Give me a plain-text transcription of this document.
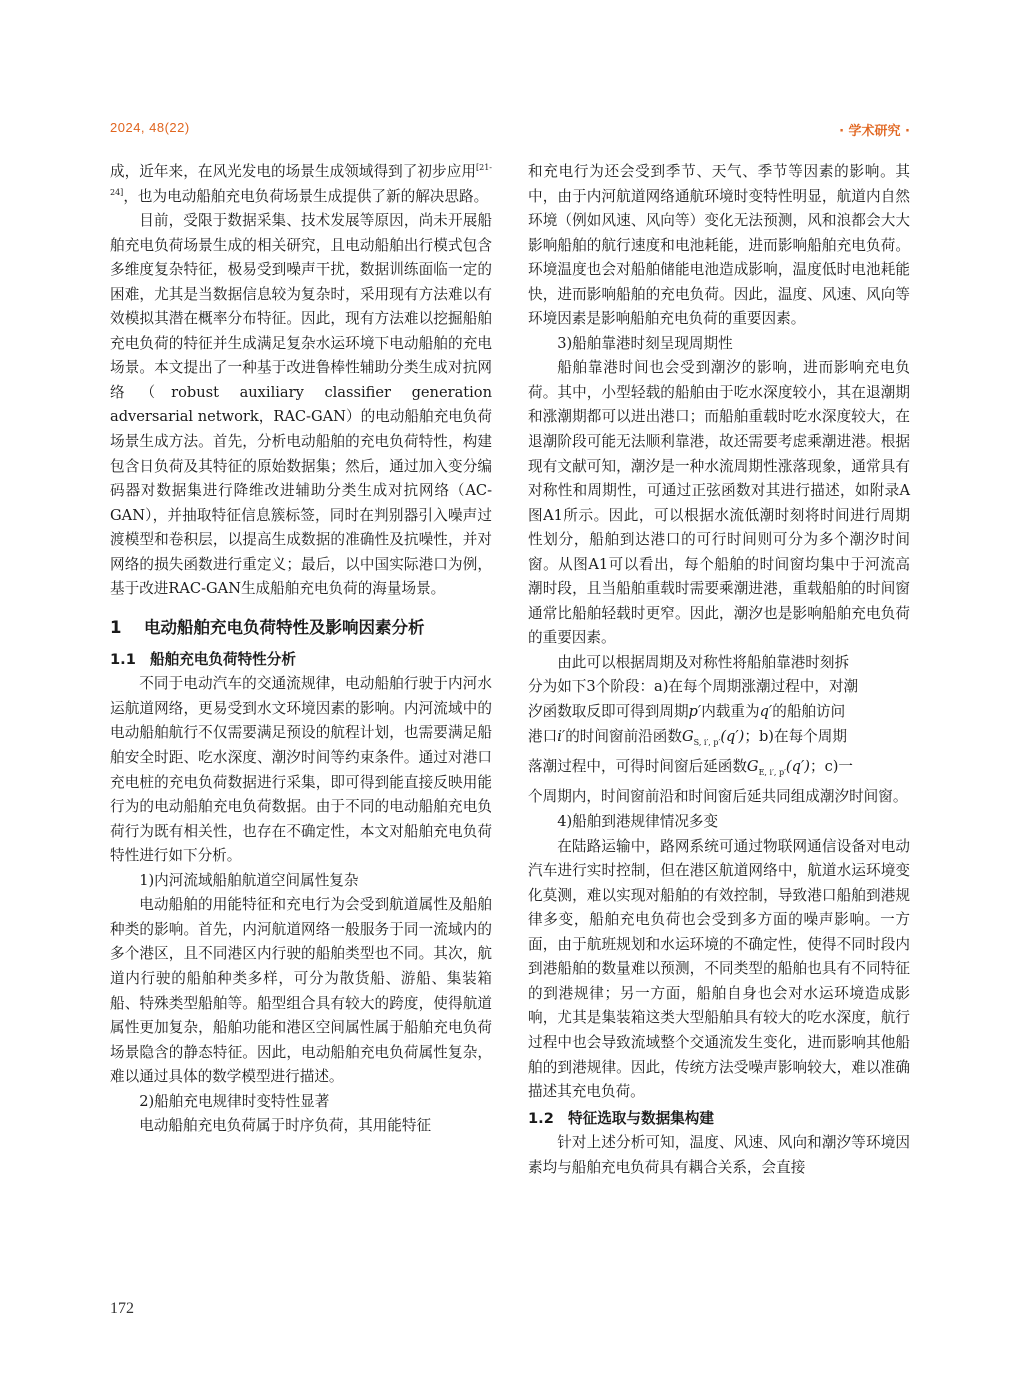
2024, 48(22)	· 学术研究 ·

成，近年来，在风光发电的场景生成领域得到了初步应用[21-24]，也为电动船舶充电负荷场景生成提供了新的解决思路。

目前，受限于数据采集、技术发展等原因，尚未开展船舶充电负荷场景生成的相关研究，且电动船舶出行模式包含多维度复杂特征，极易受到噪声干扰，数据训练面临一定的困难，尤其是当数据信息较为复杂时，采用现有方法难以有效模拟其潜在概率分布特征。因此，现有方法难以挖掘船舶充电负荷的特征并生成满足复杂水运环境下电动船舶的充电场景。本文提出了一种基于改进鲁棒性辅助分类生成对抗网络（robust auxiliary classifier generation adversarial network，RAC-GAN）的电动船舶充电负荷场景生成方法。首先，分析电动船舶的充电负荷特性，构建包含日负荷及其特征的原始数据集；然后，通过加入变分编码器对数据集进行降维改进辅助分类生成对抗网络（AC-GAN），并抽取特征信息簇标签，同时在判别器引入噪声过渡模型和卷积层，以提高生成数据的准确性及抗噪性，并对网络的损失函数进行重定义；最后，以中国实际港口为例，基于改进RAC-GAN生成船舶充电负荷的海量场景。

1 电动船舶充电负荷特性及影响因素分析
1.1 船舶充电负荷特性分析

不同于电动汽车的交通流规律，电动船舶行驶于内河水运航道网络，更易受到水文环境因素的影响。内河流域中的电动船舶航行不仅需要满足预设的航程计划，也需要满足船舶安全时距、吃水深度、潮汐时间等约束条件。通过对港口充电桩的充电负荷数据进行采集，即可得到能直接反映用能行为的电动船舶充电负荷数据。由于不同的电动船舶充电负荷行为既有相关性，也存在不确定性，本文对船舶充电负荷特性进行如下分析。

1)内河流域船舶航道空间属性复杂

电动船舶的用能特征和充电行为会受到航道属性及船舶种类的影响。首先，内河航道网络一般服务于同一流域内的多个港区，且不同港区内行驶的船舶类型也不同。其次，航道内行驶的船舶种类多样，可分为散货船、游船、集装箱船、特殊类型船舶等。船型组合具有较大的跨度，使得航道属性更加复杂，船舶功能和港区空间属性属于船舶充电负荷场景隐含的静态特征。因此，电动船舶充电负荷属性复杂，难以通过具体的数学模型进行描述。

2)船舶充电规律时变特性显著

电动船舶充电负荷属于时序负荷，其用能特征

和充电行为还会受到季节、天气、季节等因素的影响。其中，由于内河航道网络通航环境时变特性明显，航道内自然环境（例如风速、风向等）变化无法预测，风和浪都会大大影响船舶的航行速度和电池耗能，进而影响船舶充电负荷。环境温度也会对船舶储能电池造成影响，温度低时电池耗能快，进而影响船舶的充电负荷。因此，温度、风速、风向等环境因素是影响船舶充电负荷的重要因素。

3)船舶靠港时刻呈现周期性

船舶靠港时间也会受到潮汐的影响，进而影响充电负荷。其中，小型轻载的船舶由于吃水深度较小，其在退潮期和涨潮期都可以进出港口；而船舶重载时吃水深度较大，在退潮阶段可能无法顺利靠港，故还需要考虑乘潮进港。根据现有文献可知，潮汐是一种水流周期性涨落现象，通常具有对称性和周期性，可通过正弦函数对其进行描述，如附录A图A1所示。因此，可以根据水流低潮时刻将时间进行周期性划分，船舶到达港口的可行时间则可分为多个潮汐时间窗。从图A1可以看出，每个船舶的时间窗均集中于河流高潮时段，且当船舶重载时需要乘潮进港，重载船舶的时间窗通常比船舶轻载时更窄。因此，潮汐也是影响船舶充电负荷的重要因素。

由此可以根据周期及对称性将船舶靠港时刻拆

分为如下3个阶段：a)在每个周期涨潮过程中，对潮

汐函数取反即可得到周期p′内载重为q′的船舶访问

港口i′的时间窗前沿函数$G_{S, i', p'}(q')$；b)在每个周期

落潮过程中，可得时间窗后延函数$G_{E, i', p'}(q')$；c)一

个周期内，时间窗前沿和时间窗后延共同组成潮汐时间窗。

4)船舶到港规律情况多变

在陆路运输中，路网系统可通过物联网通信设备对电动汽车进行实时控制，但在港区航道网络中，航道水运环境变化莫测，难以实现对船舶的有效控制，导致港口船舶到港规律多变，船舶充电负荷也会受到多方面的噪声影响。一方面，由于航班规划和水运环境的不确定性，使得不同时段内到港船舶的数量难以预测，不同类型的船舶也具有不同特征的到港规律；另一方面，船舶自身也会对水运环境造成影响，尤其是集装箱这类大型船舶具有较大的吃水深度，航行过程中也会导致流域整个交通流发生变化，进而影响其他船舶的到港规律。因此，传统方法受噪声影响较大，难以准确描述其充电负荷。

1.2 特征选取与数据集构建

针对上述分析可知，温度、风速、风向和潮汐等环境因素均与船舶充电负荷具有耦合关系，会直接

172
